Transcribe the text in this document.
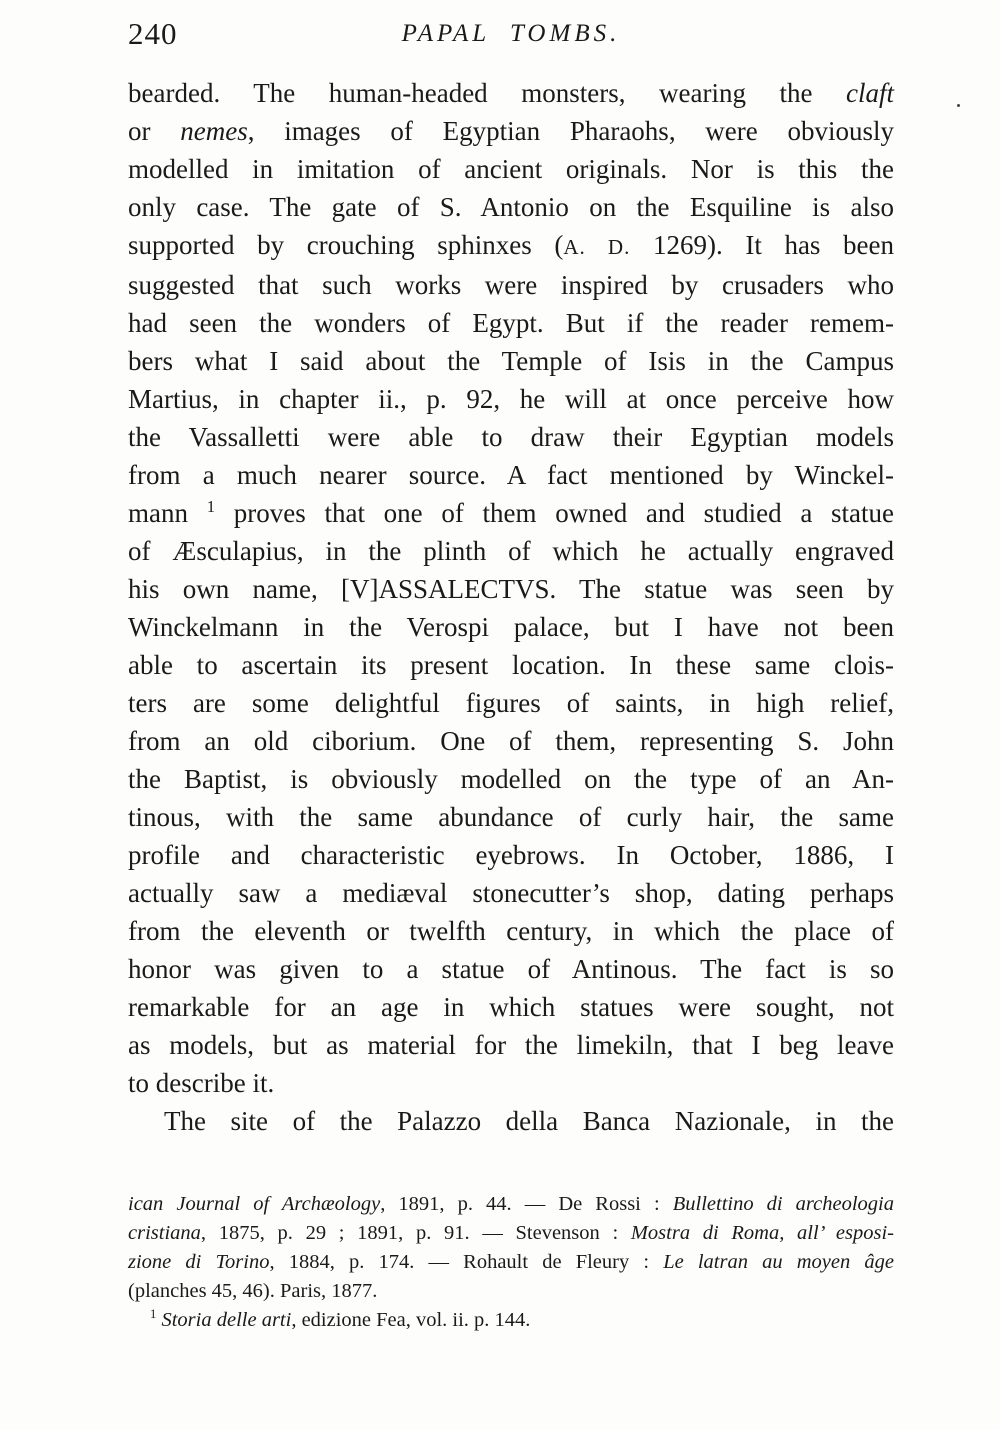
240	PAPAL TOMBS.
bearded. The human-headed monsters, wearing the claft
or nemes, images of Egyptian Pharaohs, were obviously
modelled in imitation of ancient originals. Nor is this the
only case. The gate of S. Antonio on the Esquiline is also
supported by crouching sphinxes (A. D. 1269). It has been
suggested that such works were inspired by crusaders who
had seen the wonders of Egypt. But if the reader remem-
bers what I said about the Temple of Isis in the Campus
Martius, in chapter ii., p. 92, he will at once perceive how
the Vassalletti were able to draw their Egyptian models
from a much nearer source. A fact mentioned by Winckel-
mann $^1$ proves that one of them owned and studied a statue
of Æsculapius, in the plinth of which he actually engraved
his own name, [V]ASSALECTVS. The statue was seen by
Winckelmann in the Verospi palace, but I have not been
able to ascertain its present location. In these same clois-
ters are some delightful figures of saints, in high relief,
from an old ciborium. One of them, representing S. John
the Baptist, is obviously modelled on the type of an An-
tinous, with the same abundance of curly hair, the same
profile and characteristic eyebrows. In October, 1886, I
actually saw a mediæval stonecutter’s shop, dating perhaps
from the eleventh or twelfth century, in which the place of
honor was given to a statue of Antinous. The fact is so
remarkable for an age in which statues were sought, not
as models, but as material for the limekiln, that I beg leave
to describe it.
The site of the Palazzo della Banca Nazionale, in the
ican Journal of Archæology, 1891, p. 44. — De Rossi : Bullettino di archeologia
cristiana, 1875, p. 29 ; 1891, p. 91. — Stevenson : Mostra di Roma, all’ esposi-
zione di Torino, 1884, p. 174. — Rohault de Fleury : Le latran au moyen âge
(planches 45, 46). Paris, 1877.
$^1$ Storia delle arti, edizione Fea, vol. ii. p. 144.
